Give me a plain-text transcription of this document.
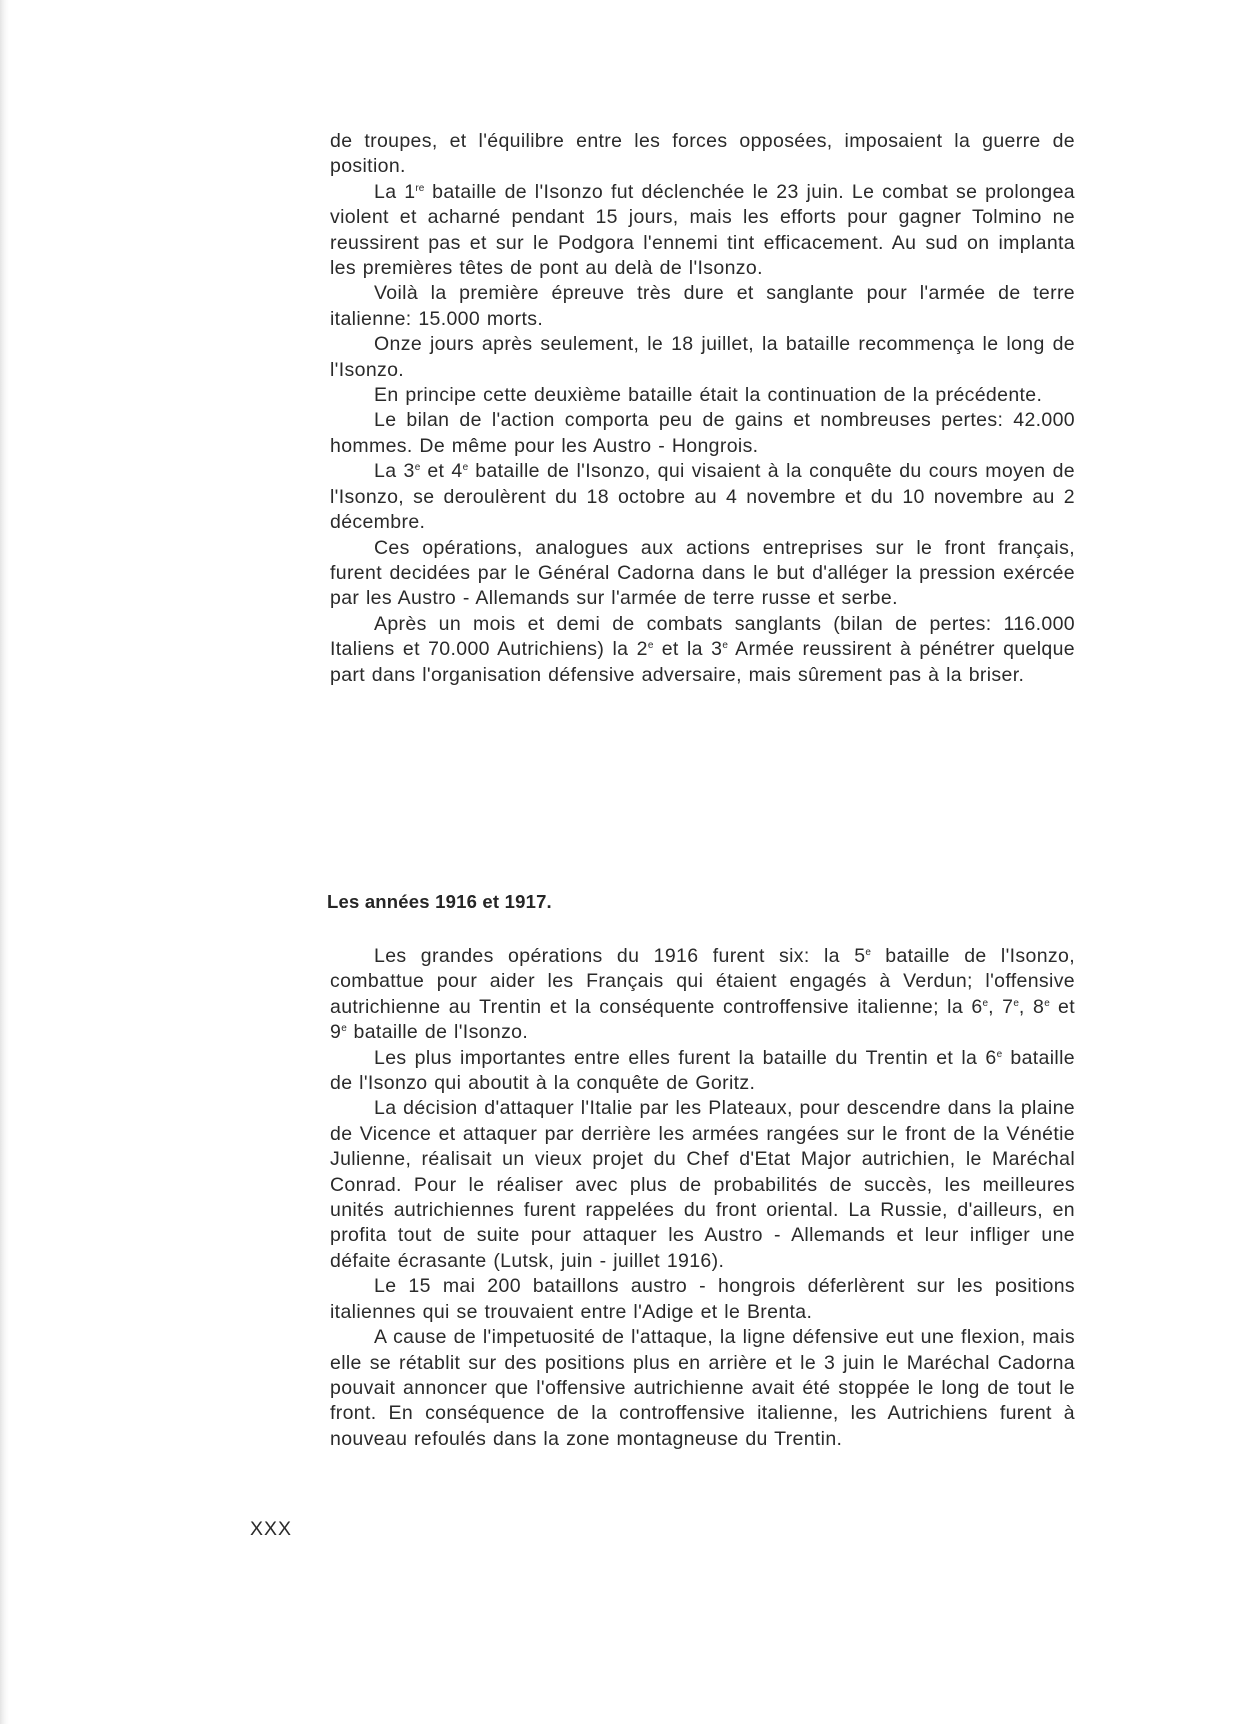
de troupes, et l'équilibre entre les forces opposées, imposaient la guerre de position.

La 1re bataille de l'Isonzo fut déclenchée le 23 juin. Le combat se prolongea violent et acharné pendant 15 jours, mais les efforts pour gagner Tolmino ne reussirent pas et sur le Podgora l'ennemi tint efficacement. Au sud on implanta les premières têtes de pont au delà de l'Isonzo.

Voilà la première épreuve très dure et sanglante pour l'armée de terre italienne: 15.000 morts.

Onze jours après seulement, le 18 juillet, la bataille recommença le long de l'Isonzo.

En principe cette deuxième bataille était la continuation de la précédente.

Le bilan de l'action comporta peu de gains et nombreuses pertes: 42.000 hommes. De même pour les Austro - Hongrois.

La 3e et 4e bataille de l'Isonzo, qui visaient à la conquête du cours moyen de l'Isonzo, se deroulèrent du 18 octobre au 4 novembre et du 10 novembre au 2 décembre.

Ces opérations, analogues aux actions entreprises sur le front français, furent decidées par le Général Cadorna dans le but d'alléger la pression exércée par les Austro - Allemands sur l'armée de terre russe et serbe.

Après un mois et demi de combats sanglants (bilan de pertes: 116.000 Italiens et 70.000 Autrichiens) la 2e et la 3e Armée reussirent à pénétrer quelque part dans l'organisation défensive adversaire, mais sûrement pas à la briser.

Les années 1916 et 1917.

Les grandes opérations du 1916 furent six: la 5e bataille de l'Isonzo, combattue pour aider les Français qui étaient engagés à Verdun; l'offensive autrichienne au Trentin et la conséquente controffensive italienne; la 6e, 7e, 8e et 9e bataille de l'Isonzo.

Les plus importantes entre elles furent la bataille du Trentin et la 6e bataille de l'Isonzo qui aboutit à la conquête de Goritz.

La décision d'attaquer l'Italie par les Plateaux, pour descendre dans la plaine de Vicence et attaquer par derrière les armées rangées sur le front de la Vénétie Julienne, réalisait un vieux projet du Chef d'Etat Major autrichien, le Maréchal Conrad. Pour le réaliser avec plus de probabilités de succès, les meilleures unités autrichiennes furent rappelées du front oriental. La Russie, d'ailleurs, en profita tout de suite pour attaquer les Austro - Allemands et leur infliger une défaite écrasante (Lutsk, juin - juillet 1916).

Le 15 mai 200 bataillons austro - hongrois déferlèrent sur les positions italiennes qui se trouvaient entre l'Adige et le Brenta.

A cause de l'impetuosité de l'attaque, la ligne défensive eut une flexion, mais elle se rétablit sur des positions plus en arrière et le 3 juin le Maréchal Cadorna pouvait annoncer que l'offensive autrichienne avait été stoppée le long de tout le front. En conséquence de la controffensive italienne, les Autrichiens furent à nouveau refoulés dans la zone montagneuse du Trentin.

XXX
